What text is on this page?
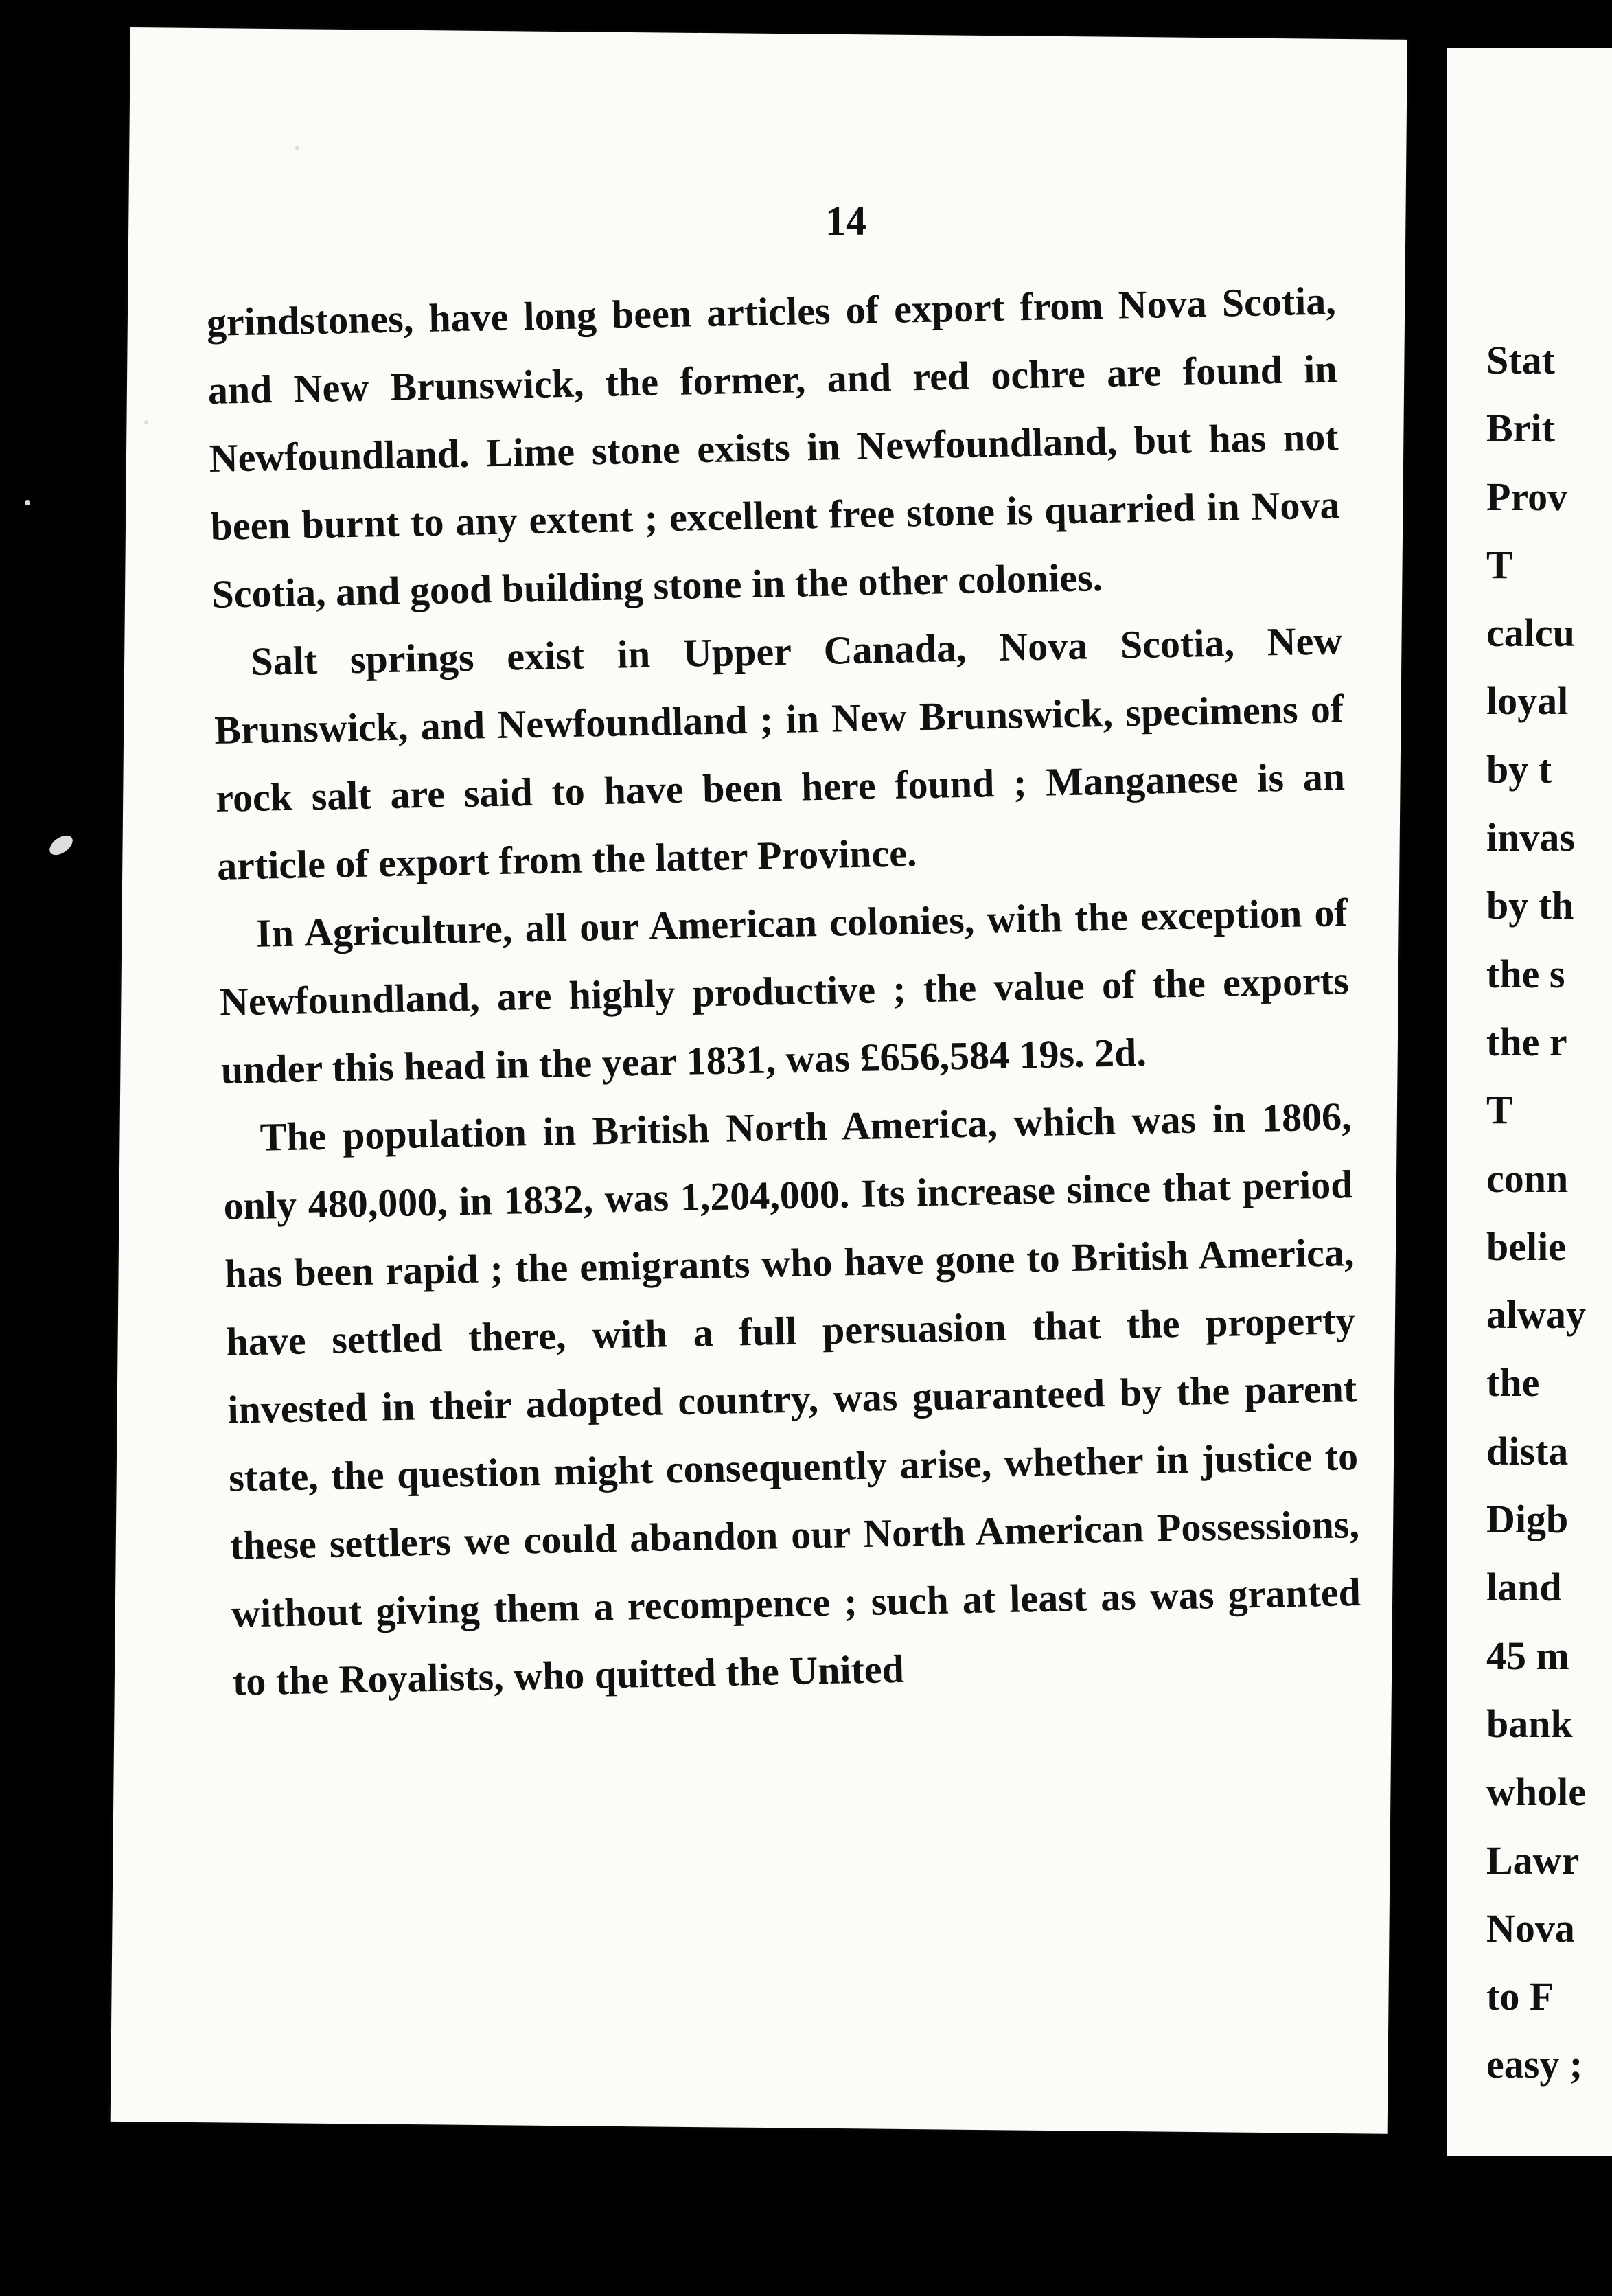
14

grindstones, have long been articles of export from Nova Scotia, and New Brunswick, the former, and red ochre are found in Newfoundland. Lime stone exists in Newfoundland, but has not been burnt to any extent ; excellent free stone is quarried in Nova Scotia, and good building stone in the other colonies.

Salt springs exist in Upper Canada, Nova Scotia, New Brunswick, and Newfoundland ; in New Brunswick, specimens of rock salt are said to have been here found ; Manganese is an article of export from the latter Province.

In Agriculture, all our American colonies, with the exception of Newfoundland, are highly productive ; the value of the exports under this head in the year 1831, was £656,584 19s. 2d.

The population in British North America, which was in 1806, only 480,000, in 1832, was 1,204,000. Its increase since that period has been rapid ; the emigrants who have gone to British America, have settled there, with a full persuasion that the property invested in their adopted country, was guaranteed by the parent state, the question might consequently arise, whether in justice to these settlers we could abandon our North American Possessions, without giving them a recompence ; such at least as was granted to the Royalists, who quitted the United

Stat
Brit
Prov
T
calcu
loyal
by t
invas
by th
the s
the r
T
conn
belie
alway
the
dista
Digb
land
45 m
bank
whole
Lawr
Nova
to F
easy ;
